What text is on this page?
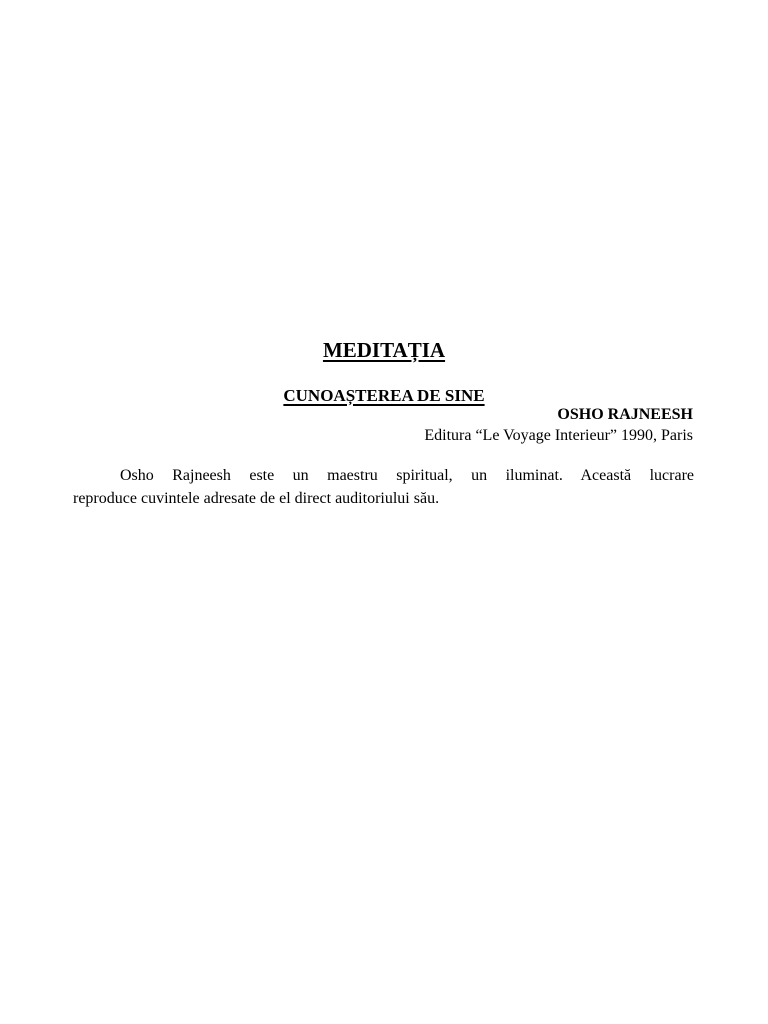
MEDITAȚIA
CUNOAȘTEREA DE SINE
OSHO RAJNEESH
Editura “Le Voyage Interieur” 1990, Paris
Osho Rajneesh este un maestru spiritual, un iluminat. Această lucrare
reproduce cuvintele adresate de el direct auditoriului său.
